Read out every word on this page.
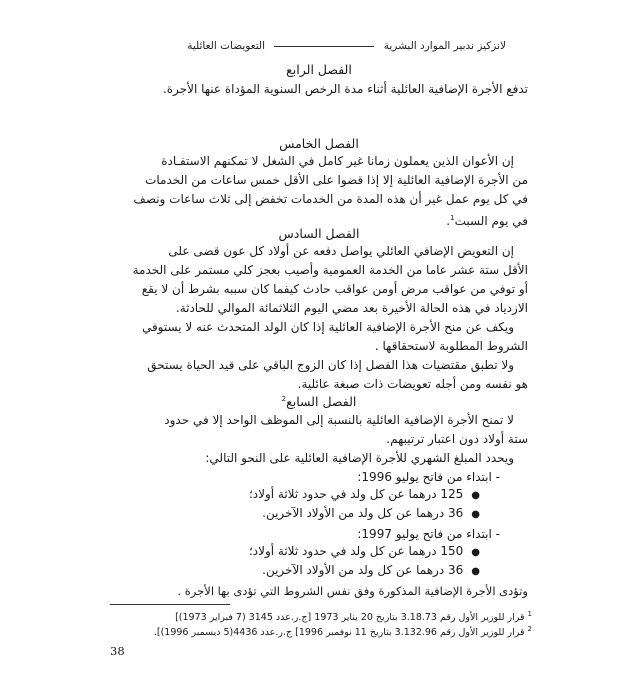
لانزكيز ندبير الموارد البشرية  التعويضات العائلية
الفصل الرابع
تدفع الأجرة الإضافية العائلية أثناء مدة الرخص السنوية المؤداة عنها الأجرة.
الفصل الخامس
إن الأعوان الذين يعملون زمانا غير كامل في الشغل لا تمكنهم الاستفـادة
من الأجرة الإضافية العائلية إلا إذا قضوا على الأقل خمس ساعات من الخدمات
في كل يوم عمل غير أن هذه المدة من الخدمات تخفض إلى ثلاث ساعات ونصف
في يوم السبت$^1$.
الفصل السادس
إن التعويض الإضافي العائلي يواصل دفعه عن أولاد كل عون قضى على
الأقل ستة عشر عاما من الخدمة العمومية وأصيب بعجز كلي مستمر على الخدمة
أو توفي من عواقب مرض أومن عواقب حادث كيفما كان سببه بشرط أن لا يقع
الازدياد في هذه الحالة الأخيرة بعد مضي اليوم الثلاثمائة الموالي للحادثة.
ويكف عن منح الأجرة الإضافية العائلية إذا كان الولد المتحدث عنه لا يستوفي
الشروط المطلوبة لاستحقاقها .
ولا تطبق مقتضيات هذا الفصل إذا كان الزوج الباقي على قيد الحياة يستحق
هو نفسه ومن أجله تعويضات ذات صبغة عائلية.
الفصل السابع$^2$
لا تمنح الأجرة الإضافية العائلية بالنسبة إلى الموظف الواحد إلا في حدود
ستة أولاد دون اعتبار ترتيبهم.
ويحدد المبلغ الشهري للأجرة الإضافية العائلية على النحو التالي:
- ابتداء من فاتح يوليو 1996:
●125 درهما عن كل ولد في حدود ثلاثة أولاد؛
●36 درهما عن كل ولد من الأولاد الآخرين.
- ابتداء من فاتح يوليو 1997:
●150 درهما عن كل ولد في حدود ثلاثة أولاد؛
●36 درهما عن كل ولد من الأولاد الآخرين.
وتؤدى الأجرة الإضافية المذكورة وفق نفس الشروط التي تؤدى بها الأجرة .
$^1$ قرار للوزير الأول رقم 3.18.73 بتاريخ 20 يناير 1973 [ج.ر.عدد 3145 (7 فبراير 1973)]
$^2$ قرار للوزير الأول رقم 3.132.96 بتاريخ 11 نوفمبر 1996] ج.ر.عدد 4436(5 ديسمبر 1996)].
38
